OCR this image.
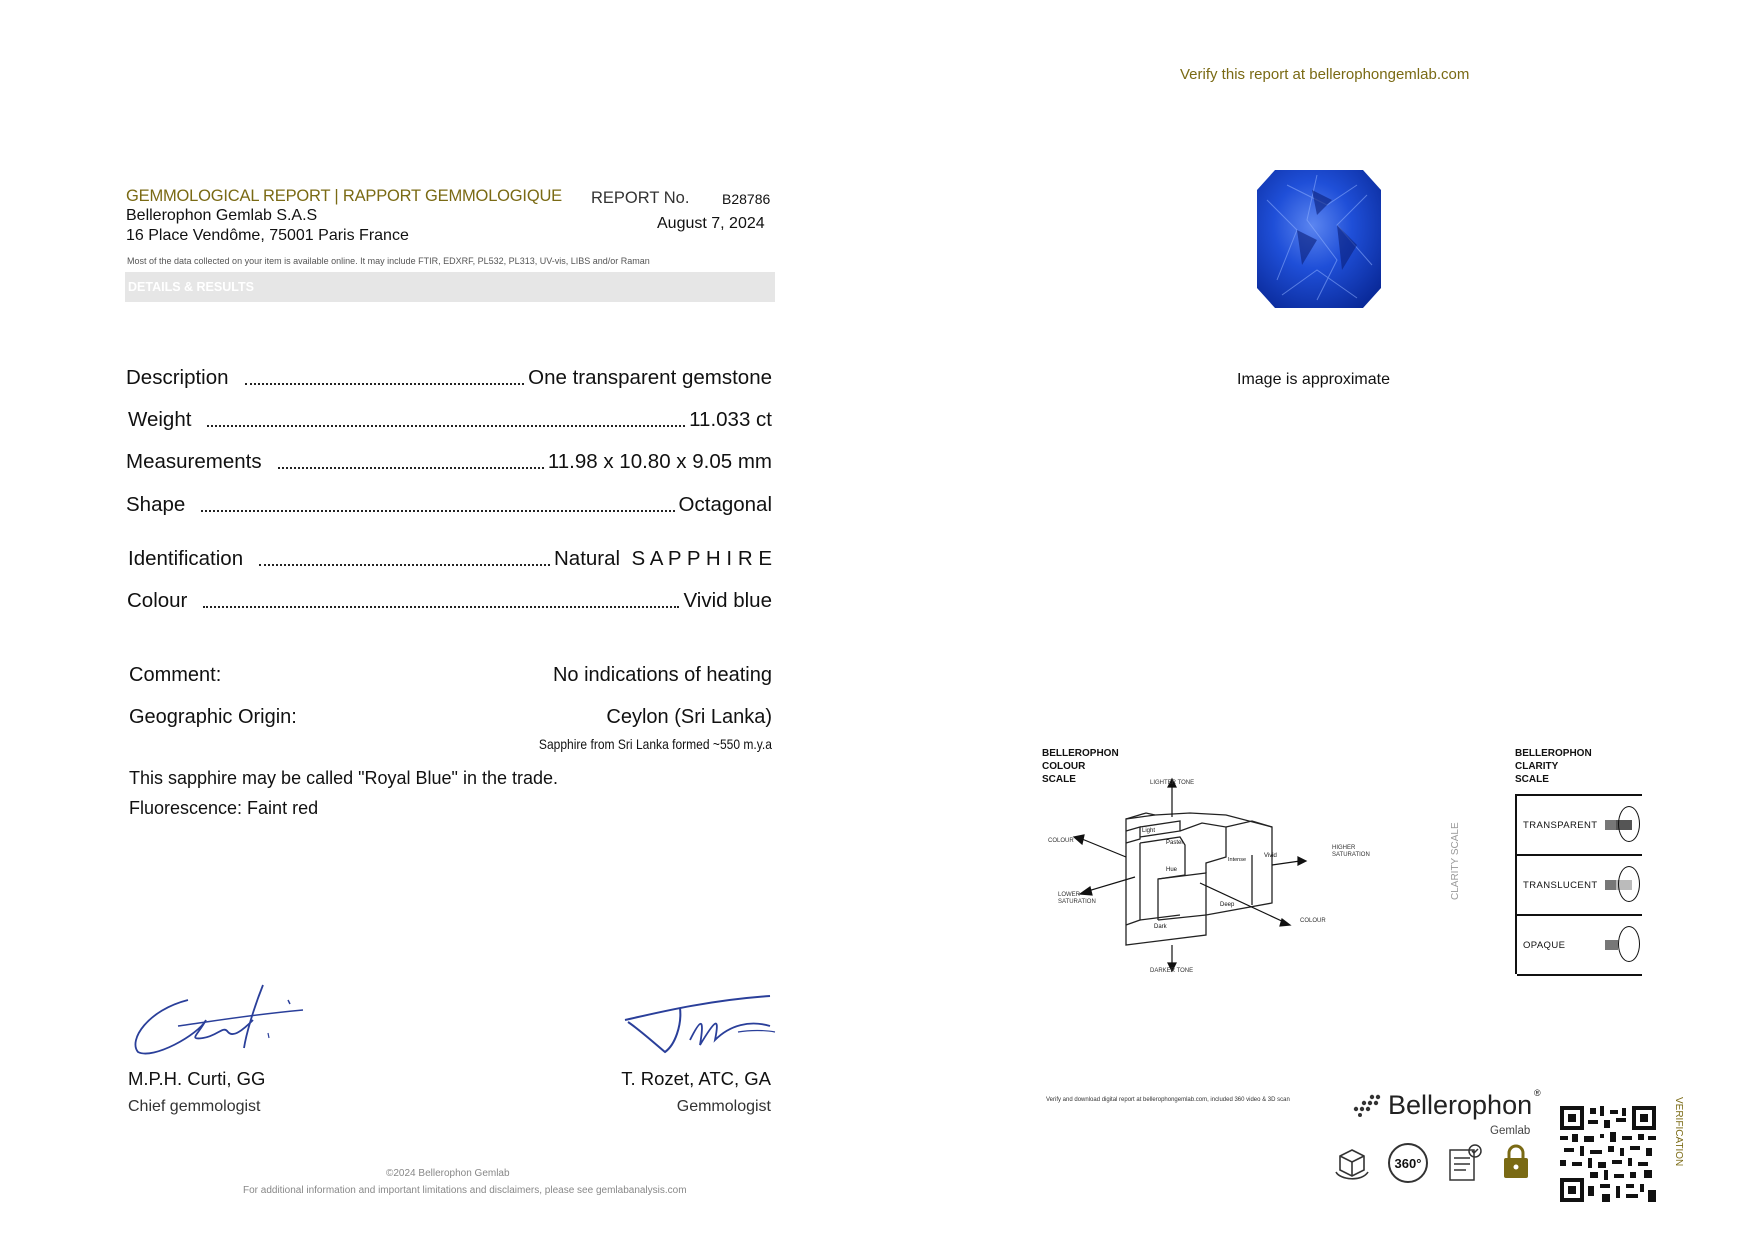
Verify this report at bellerophongemlab.com
GEMMOLOGICAL REPORT | RAPPORT GEMMOLOGIQUE
Bellerophon Gemlab S.A.S
16 Place Vendôme, 75001 Paris France
REPORT No. B28786
August 7, 2024
Most of the data collected on your item is available online. It may include FTIR, EDXRF, PL532, PL313, UV-vis, LIBS and/or Raman
DETAILS & RESULTS
Description	One transparent gemstone
Weight	11.033 ct
Measurements	11.98 x 10.80 x 9.05 mm
Shape	Octagonal
Identification	Natural  S A P P H I R E
Colour	Vivid blue
Comment:	No indications of heating
Geographic Origin:	Ceylon (Sri Lanka)
Sapphire from Sri Lanka formed ~550 m.y.a
This sapphire may be called "Royal Blue" in the trade.
Fluorescence: Faint red
M.P.H. Curti, GG
Chief gemmologist
T. Rozet, ATC, GA
Gemmologist
©2024 Bellerophon Gemlab
For additional information and important limitations and disclaimers, please see gemlabanalysis.com
Image is approximate
BELLEROPHON
COLOUR
SCALE	LIGHTER TONE
DARKER TONE
COLOUR
COLOUR
HIGHER
SATURATION
LOWER
SATURATION
Light
Pastel
Hue
Intense
Vivid
Deep
Dark
BELLEROPHON
CLARITY
SCALE
CLARITY SCALE	TRANSPARENT
TRANSLUCENT
OPAQUE
Verify and download digital report at bellerophongemlab.com, included 360 video & 3D scan	Bellerophon ®
Gemlab
360°	VERIFICATION
